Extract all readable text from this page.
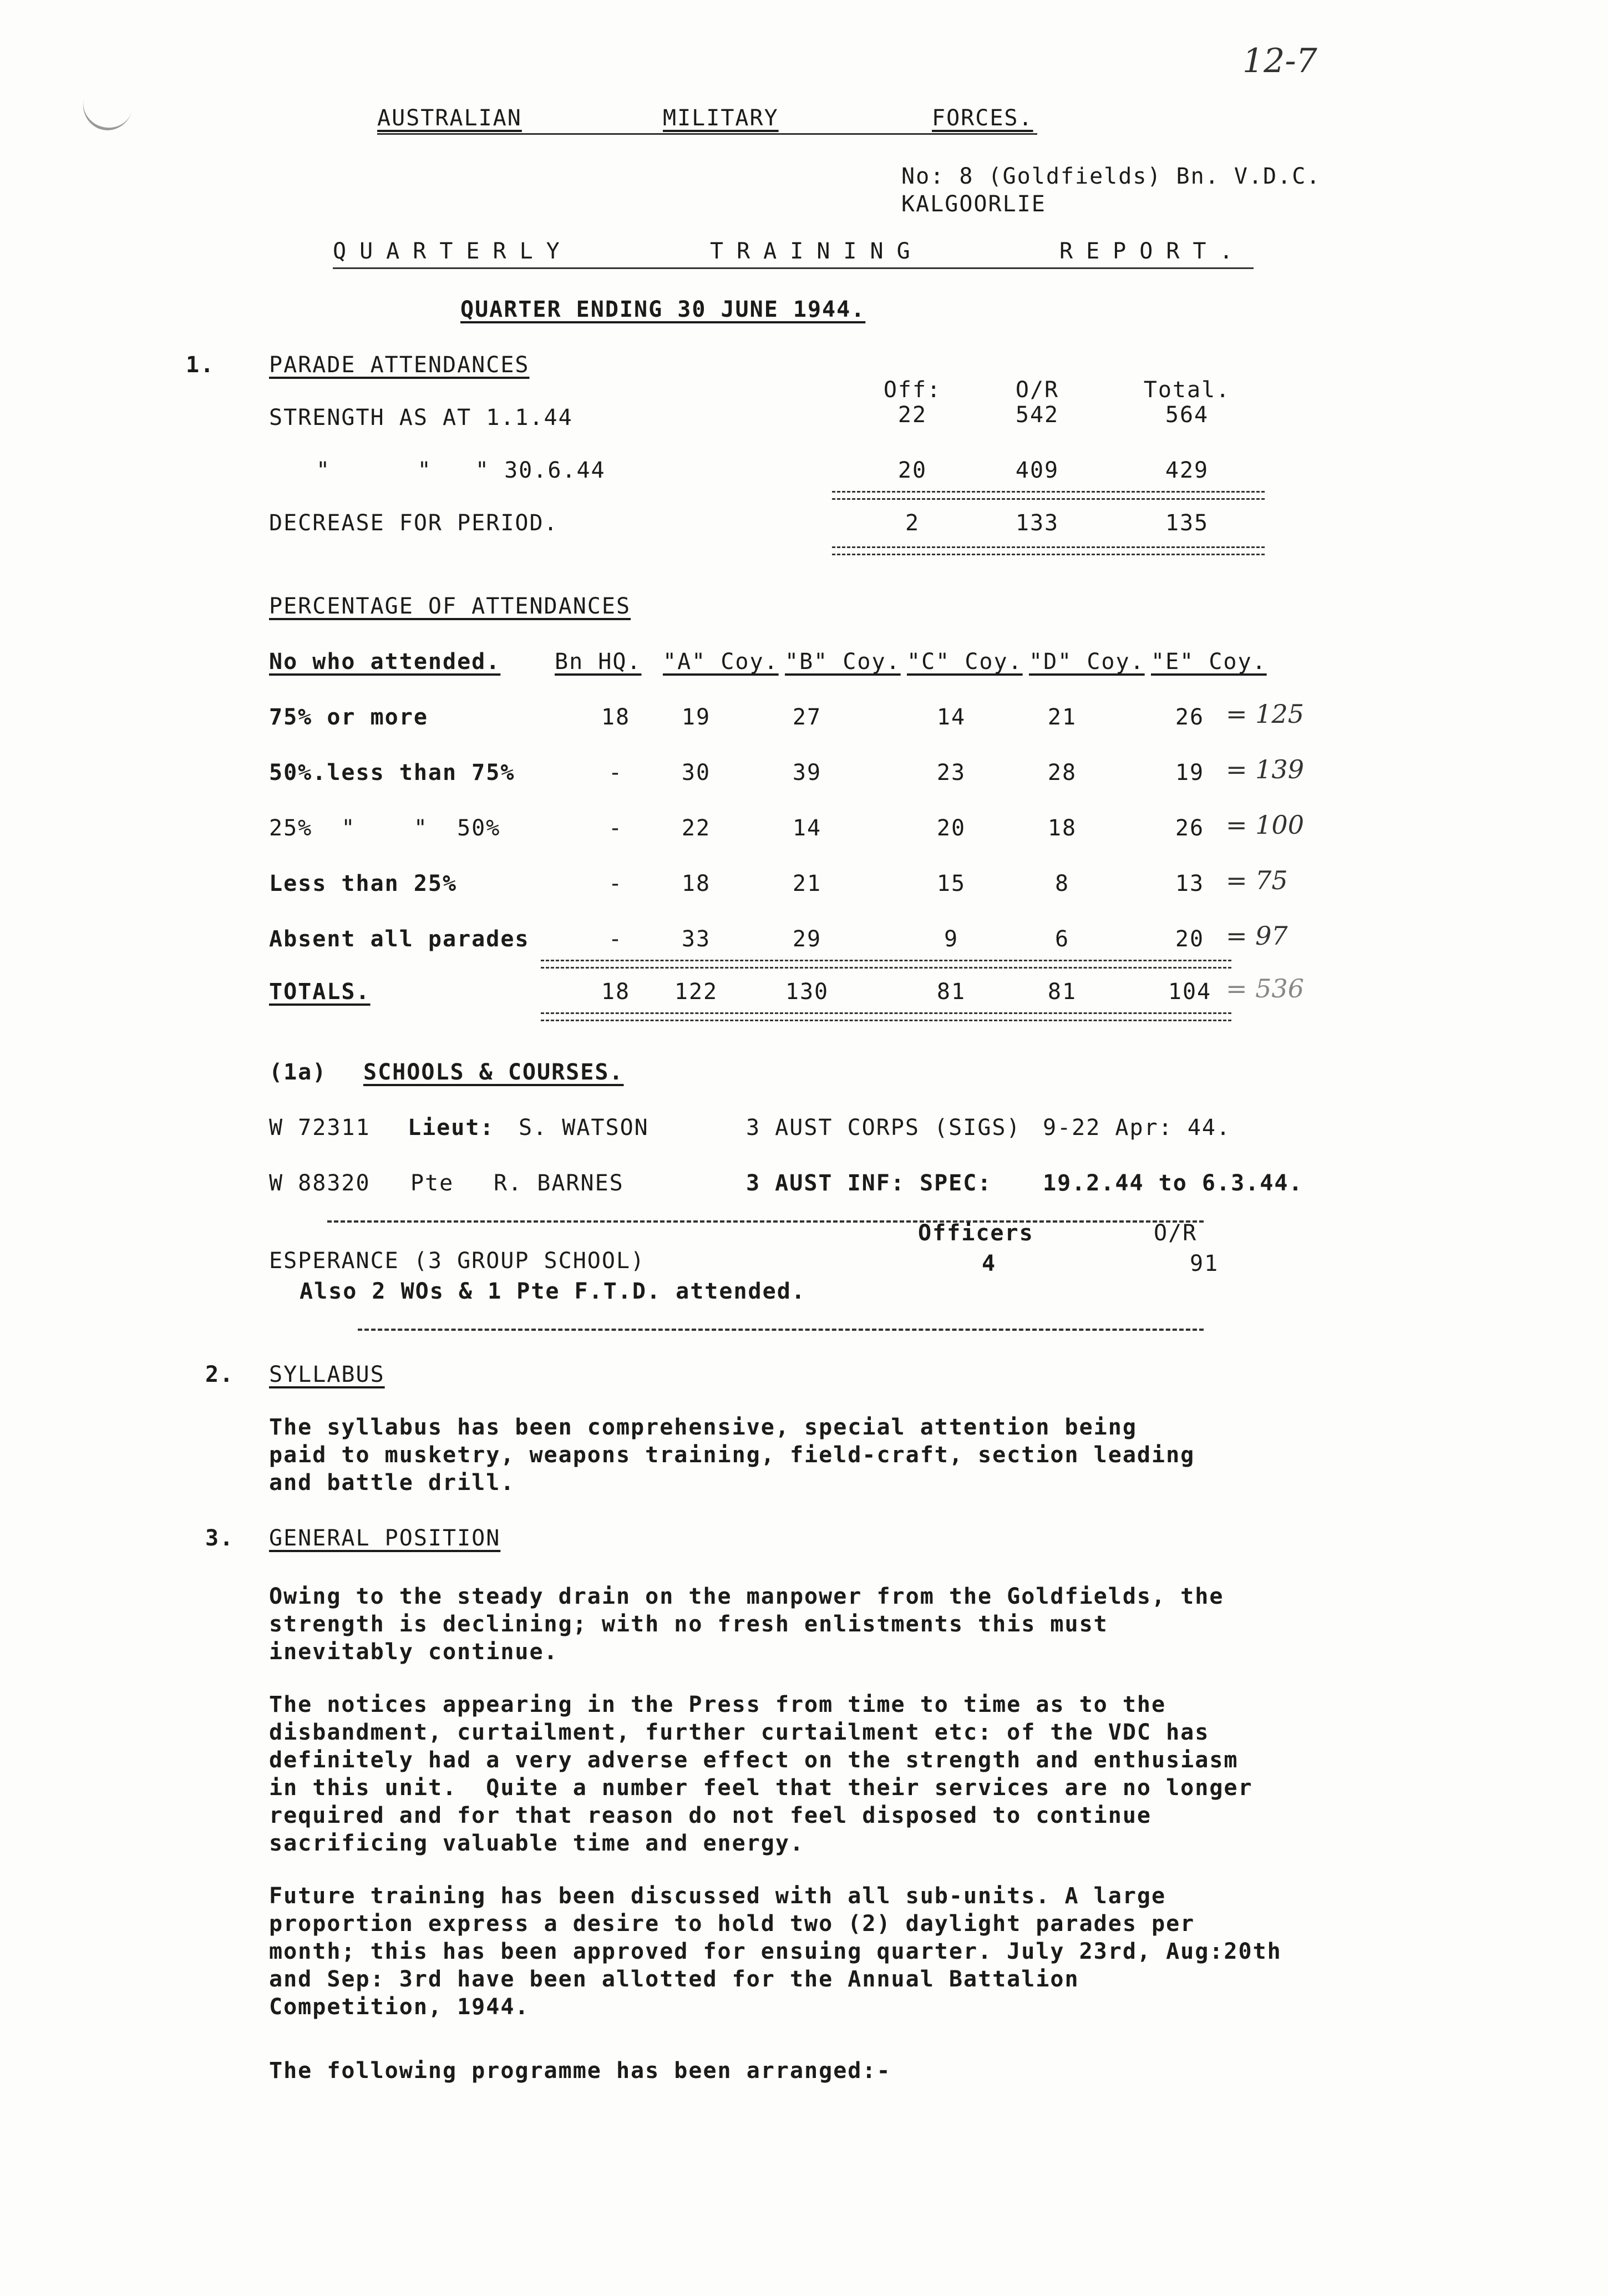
12-7
AUSTRALIAN	MILITARY	FORCES.
No: 8 (Goldfields) Bn. V.D.C.
KALGOORLIE
QUARTERLY	TRAINING	REPORT.
QUARTER ENDING 30 JUNE 1944.
1. PARADE ATTENDANCES
Off:	O/R	Total.
STRENGTH AS AT 1.1.44	22	542	564
"      "   " 30.6.44	20	409	429
DECREASE FOR PERIOD.	2	133	135
PERCENTAGE OF ATTENDANCES
No who attended. Bn HQ. "A" Coy. "B" Coy. "C" Coy. "D" Coy. "E" Coy.
75% or more	18	19	27	14	21	26 = 125
50%.less than 75%	-	30	39	23	28	19 = 139
25%  "    "  50%	-	22	14	20	18	26 = 100
Less than 25%	-	18	21	15	8	13 = 75
Absent all parades	-	33	29	9	6	20 = 97
TOTALS.	18	122	130	81	81	104 = 536
(1a) SCHOOLS & COURSES.
W 72311 Lieut: S. WATSON	3 AUST CORPS (SIGS) 9-22 Apr: 44.
W 88320 Pte R. BARNES	3 AUST INF: SPEC: 19.2.44 to 6.3.44.
Officers	O/R
ESPERANCE (3 GROUP SCHOOL)	4	91
Also 2 WOs & 1 Pte F.T.D. attended.
2. SYLLABUS
The syllabus has been comprehensive, special attention being
paid to musketry, weapons training, field-craft, section leading
and battle drill.
3. GENERAL POSITION
Owing to the steady drain on the manpower from the Goldfields, the
strength is declining; with no fresh enlistments this must
inevitably continue.
The notices appearing in the Press from time to time as to the
disbandment, curtailment, further curtailment etc: of the VDC has
definitely had a very adverse effect on the strength and enthusiasm
in this unit.  Quite a number feel that their services are no longer
required and for that reason do not feel disposed to continue
sacrificing valuable time and energy.
Future training has been discussed with all sub-units. A large
proportion express a desire to hold two (2) daylight parades per
month; this has been approved for ensuing quarter. July 23rd, Aug:20th
and Sep: 3rd have been allotted for the Annual Battalion
Competition, 1944.
The following programme has been arranged:-
